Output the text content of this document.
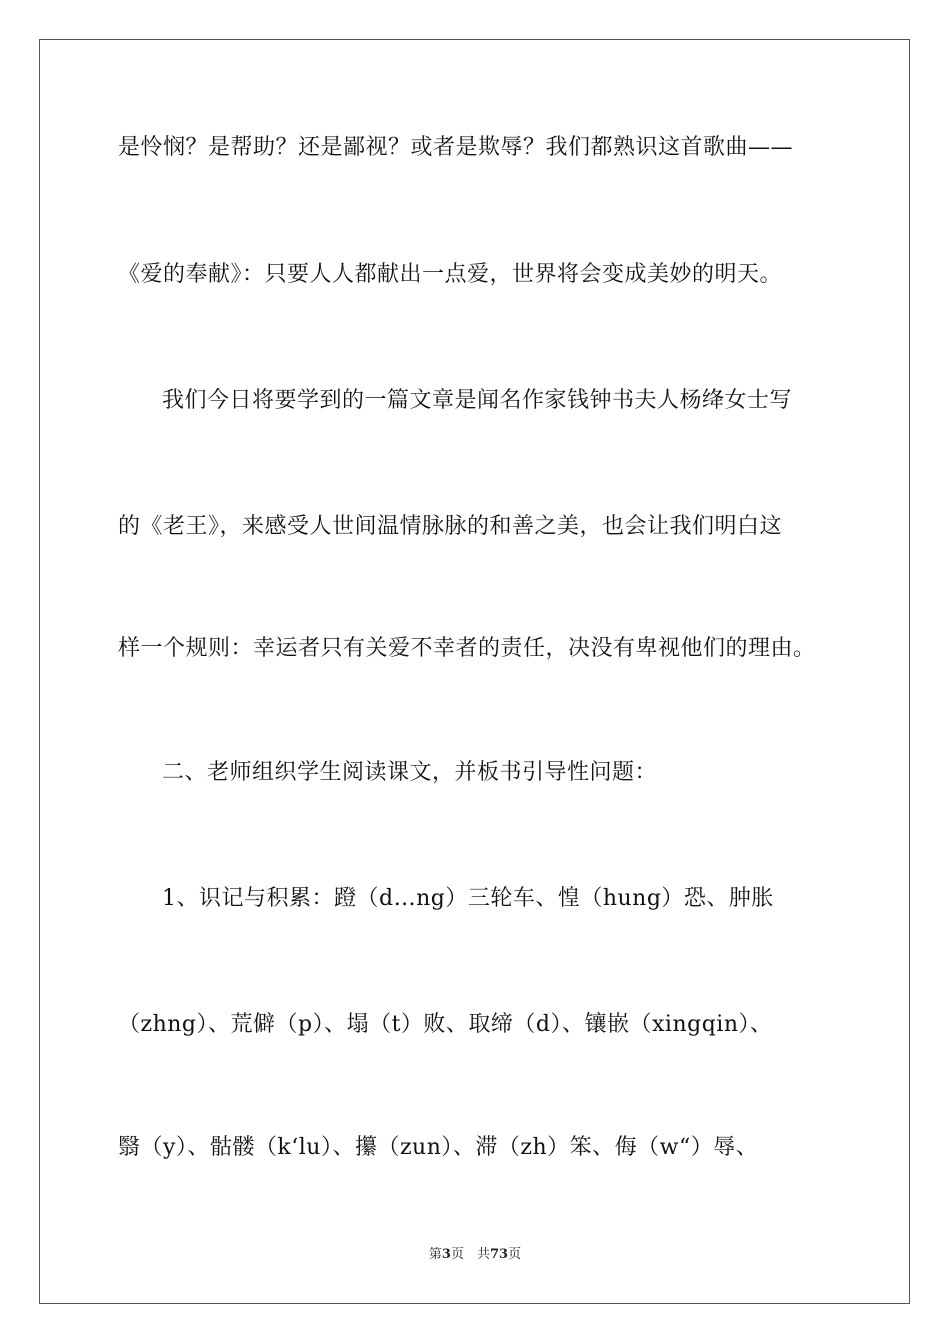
是怜悯？是帮助？还是鄙视？或者是欺辱？我们都熟识这首歌曲——
《爱的奉献》：只要人人都献出一点爱，世界将会变成美妙的明天。
我们今日将要学到的一篇文章是闻名作家钱钟书夫人杨绛女士写
的《老王》，来感受人世间温情脉脉的和善之美，也会让我们明白这
样一个规则：幸运者只有关爱不幸者的责任，决没有卑视他们的理由。
二、老师组织学生阅读课文，并板书引导性问题：
1、识记与积累：蹬（d…ng）三轮车、惶（hung）恐、肿胀
（zhng）、荒僻（p）、塌（t）败、取缔（d）、镶嵌（xingqin）、
翳（y）、骷髅（k‘lu）、攥（zun）、滞（zh）笨、侮（w“）辱、
第3页　共73页
